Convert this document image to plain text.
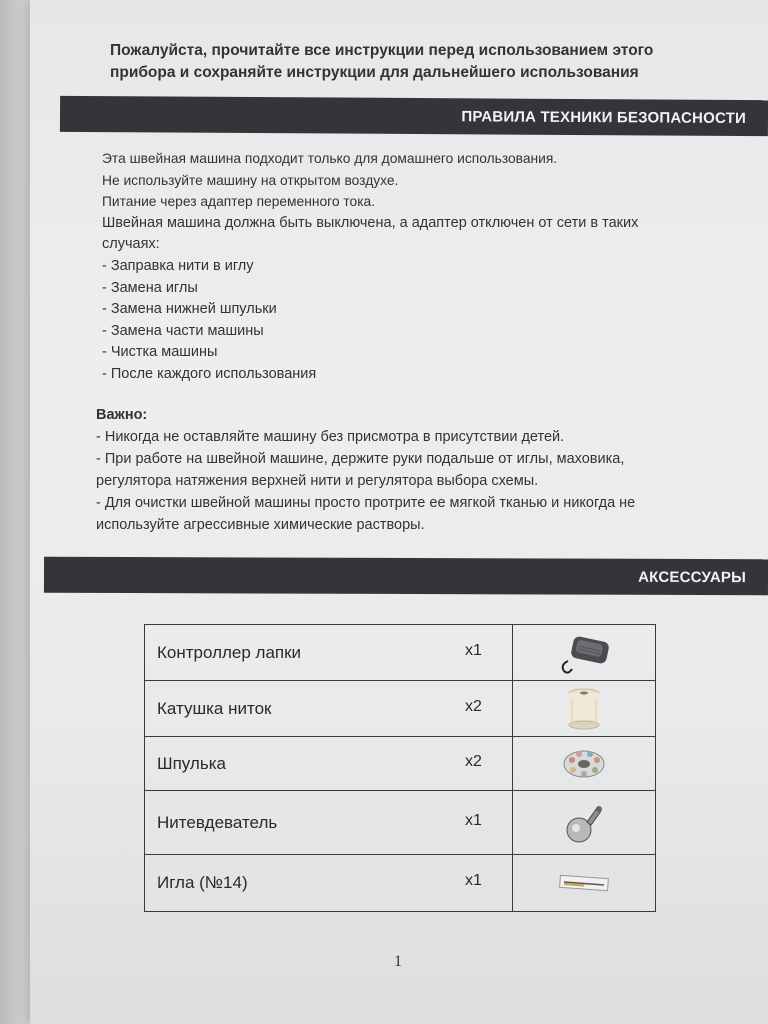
Пожалуйста, прочитайте все инструкции перед использованием этого
прибора и сохраняйте инструкции для дальнейшего использования
ПРАВИЛА ТЕХНИКИ БЕЗОПАСНОСТИ
Эта швейная машина подходит только для домашнего использования.
Не используйте машину на открытом воздухе.
Питание через адаптер переменного тока.
Швейная машина должна быть выключена, а адаптер отключен от сети в таких
случаях:
- Заправка нити в иглу
- Замена иглы
- Замена нижней шпульки
- Замена части машины
- Чистка машины
- После каждого использования
Важно:
- Никогда не оставляйте машину без присмотра в присутствии детей.
- При работе на швейной машине, держите руки подальше от иглы, маховика,
регулятора натяжения верхней нити и регулятора выбора схемы.
- Для очистки швейной машины просто протрите ее мягкой тканью и никогда не
используйте агрессивные химические растворы.
АКСЕССУАРЫ
Контроллер лапки	x1
Катушка ниток	x2
Шпулька	x2
Нитевдеватель	x1
Игла (№14)	x1
1
